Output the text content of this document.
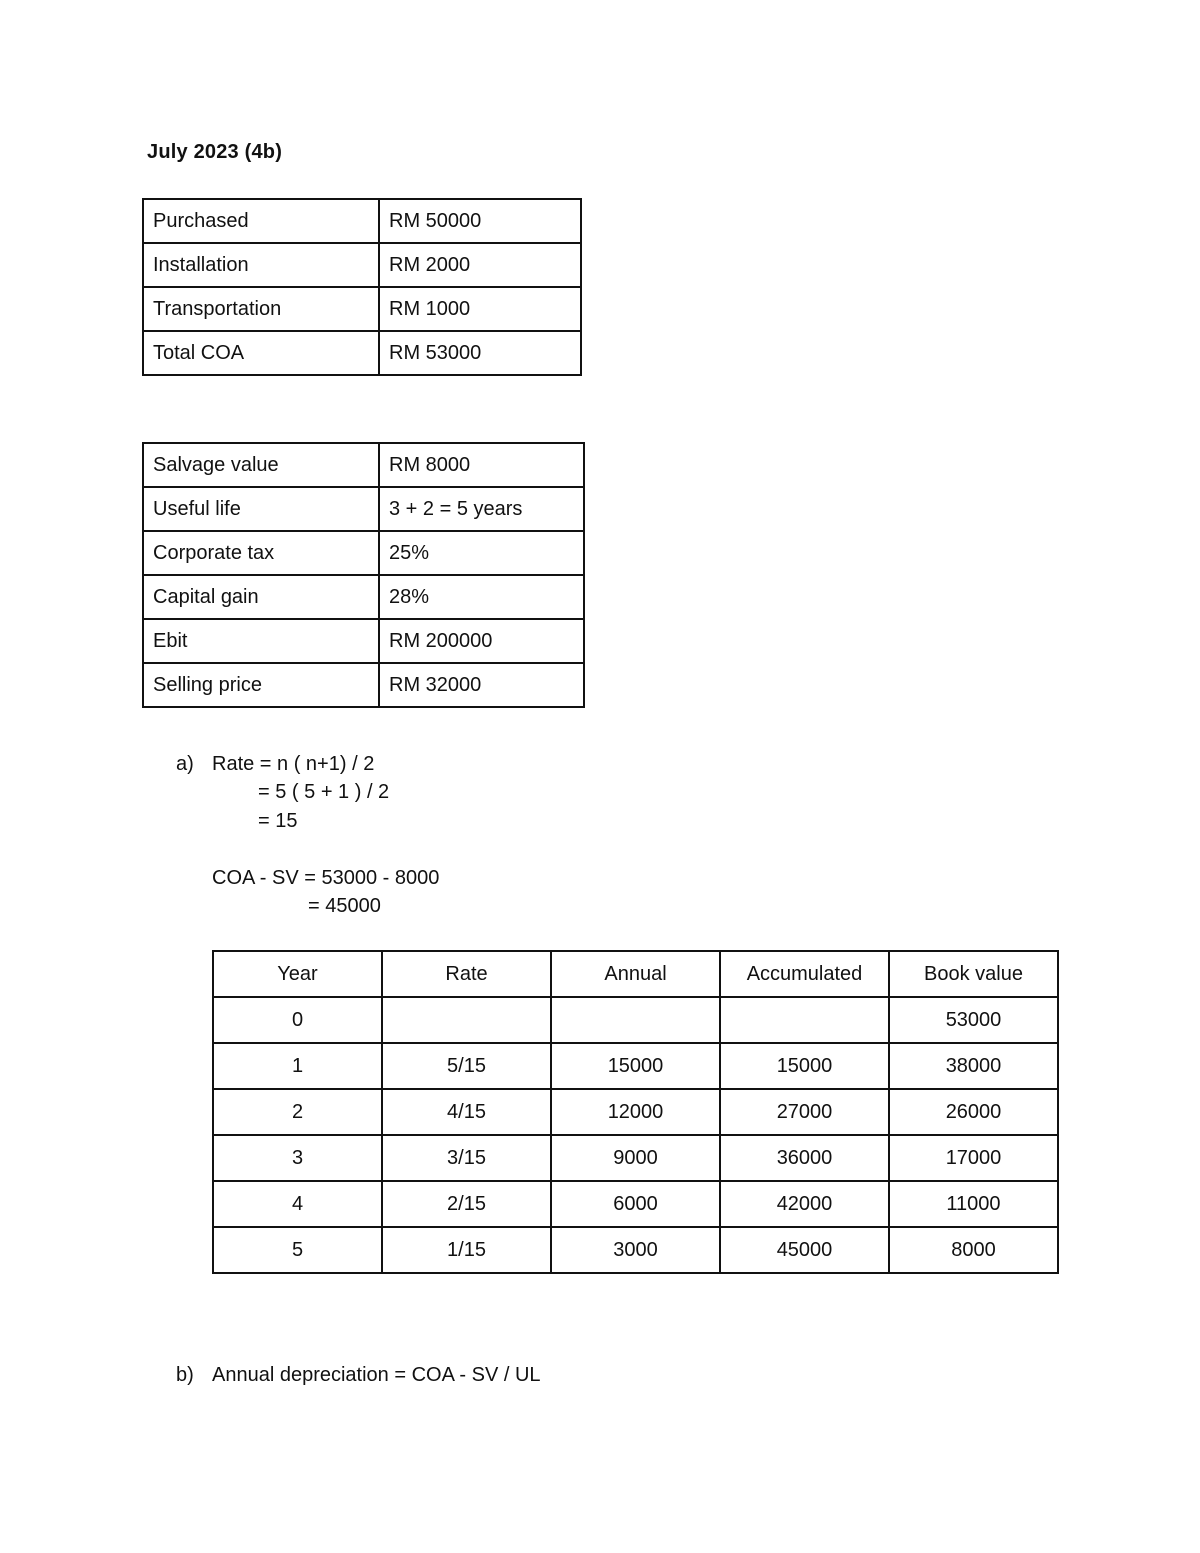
July 2023 (4b)
Purchased	RM 50000
Installation	RM 2000
Transportation	RM 1000
Total COA	RM 53000
Salvage value	RM 8000
Useful life	3 + 2 = 5 years
Corporate tax	25%
Capital gain	28%
Ebit	RM 200000
Selling price	RM 32000
a) Rate = n ( n+1) / 2
= 5 ( 5 + 1 ) / 2
= 15
COA - SV = 53000 - 8000
= 45000
Year	Rate	Annual	Accumulated	Book value
0				53000
1	5/15	15000	15000	38000
2	4/15	12000	27000	26000
3	3/15	9000	36000	17000
4	2/15	6000	42000	11000
5	1/15	3000	45000	8000
b) Annual depreciation = COA - SV / UL
